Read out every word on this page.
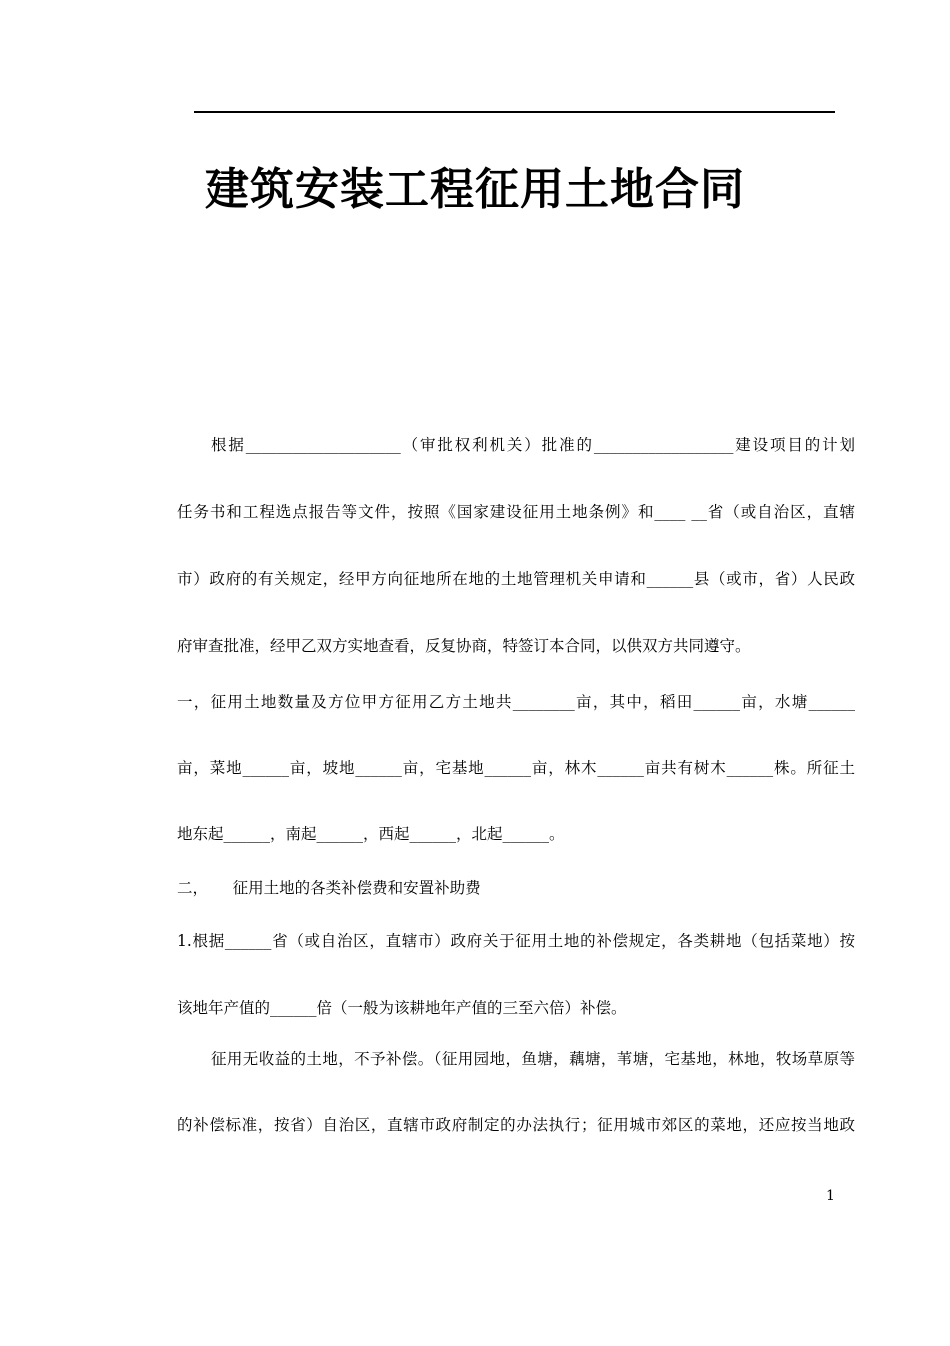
建筑安装工程征用土地合同
根据____________________（审批权利机关）批准的__________________建设项目的计划
任务书和工程选点报告等文件，按照《国家建设征用土地条例》和____ __省（或自治区，直辖
市）政府的有关规定，经甲方向征地所在地的土地管理机关申请和______县（或市，省）人民政
府审查批准，经甲乙双方实地查看，反复协商，特签订本合同，以供双方共同遵守。
一，征用土地数量及方位甲方征用乙方土地共________亩，其中，稻田______亩，水塘______
亩，菜地______亩，坡地______亩，宅基地______亩，林木______亩共有树木______株。所征土
地东起______，南起______，西起______，北起______。
二，     征用土地的各类补偿费和安置补助费
1.根据______省（或自治区，直辖市）政府关于征用土地的补偿规定，各类耕地（包括菜地）按
该地年产值的______倍（一般为该耕地年产值的三至六倍）补偿。
征用无收益的土地，不予补偿。（征用园地，鱼塘，藕塘，苇塘，宅基地，林地，牧场草原等
的补偿标准，按省）自治区，直辖市政府制定的办法执行；征用城市郊区的菜地，还应按当地政
1
